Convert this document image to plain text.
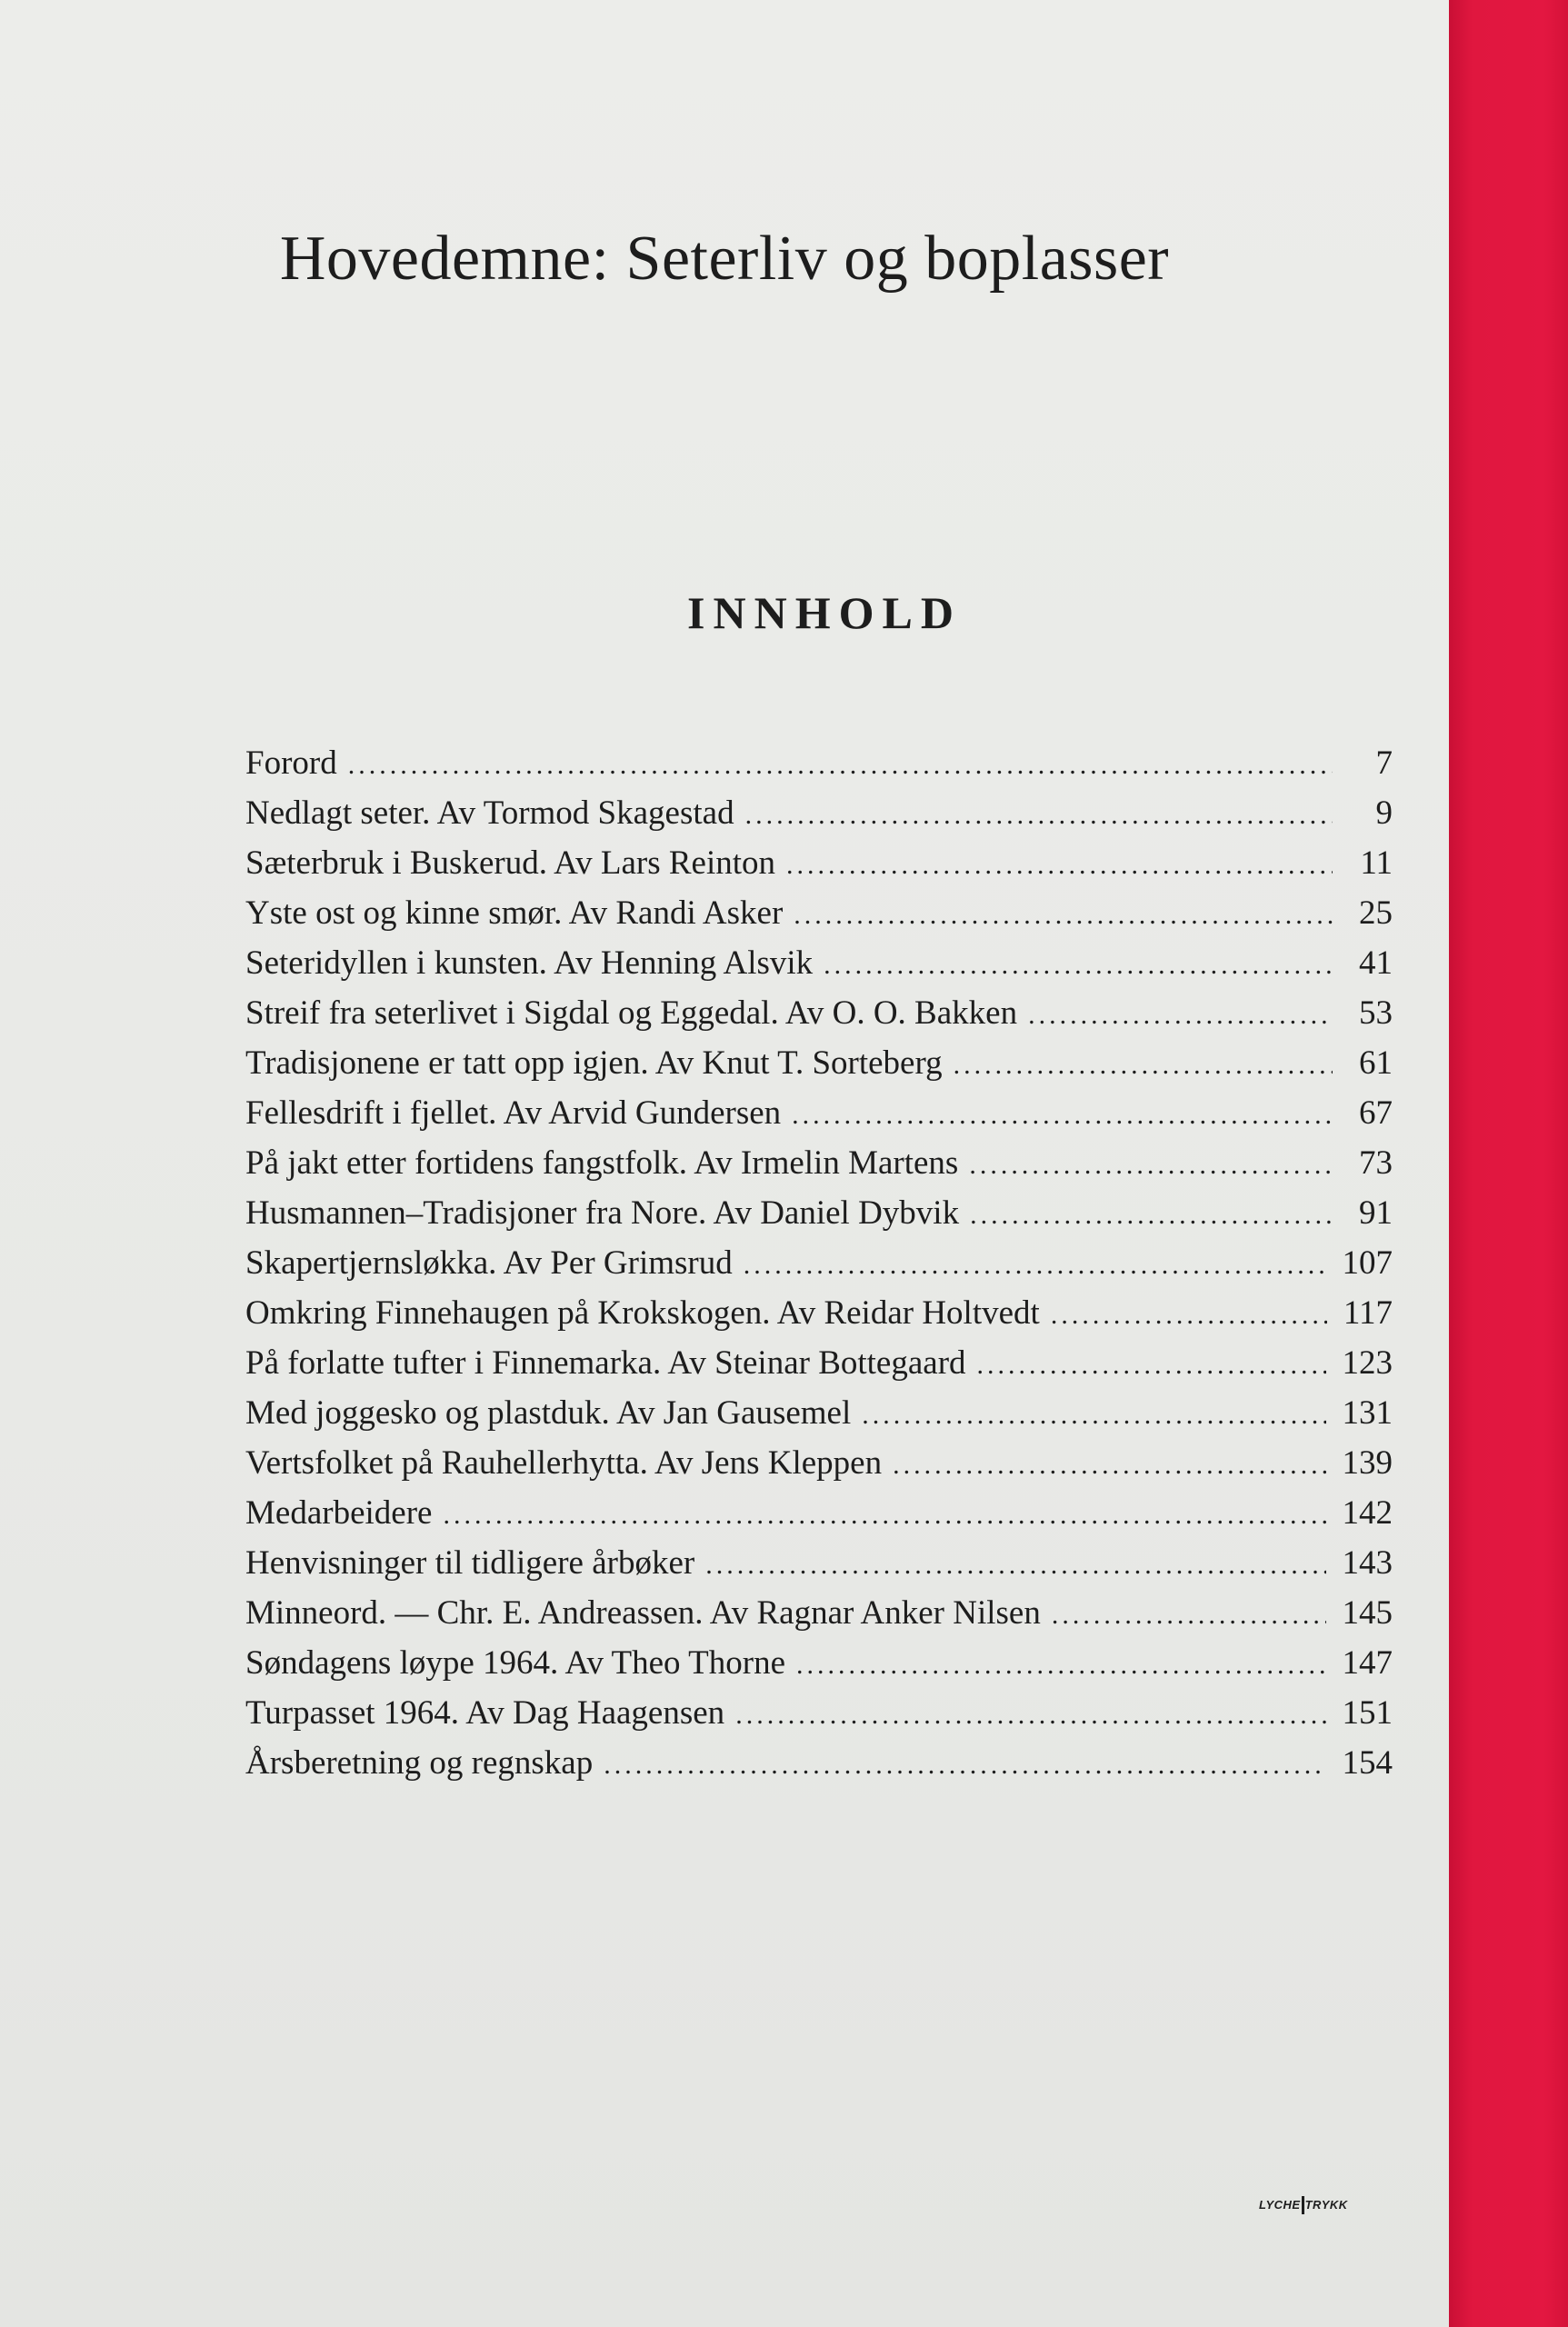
Hovedemne: Seterliv og boplasser
INNHOLD
Forord .....	7
Nedlagt seter. Av Tormod Skagestad .....	9
Sæterbruk i Buskerud. Av Lars Reinton .....	11
Yste ost og kinne smør. Av Randi Asker .....	25
Seteridyllen i kunsten. Av Henning Alsvik .....	41
Streif fra seterlivet i Sigdal og Eggedal. Av O. O. Bakken .....	53
Tradisjonene er tatt opp igjen. Av Knut T. Sorteberg .....	61
Fellesdrift i fjellet. Av Arvid Gundersen .....	67
På jakt etter fortidens fangstfolk. Av Irmelin Martens .....	73
Husmannen–Tradisjoner fra Nore. Av Daniel Dybvik .....	91
Skapertjernsløkka. Av Per Grimsrud .....	107
Omkring Finnehaugen på Krokskogen. Av Reidar Holtvedt .....	117
På forlatte tufter i Finnemarka. Av Steinar Bottegaard .....	123
Med joggesko og plastduk. Av Jan Gausemel .....	131
Vertsfolket på Rauhellerhytta. Av Jens Kleppen .....	139
Medarbeidere .....	142
Henvisninger til tidligere årbøker .....	143
Minneord. — Chr. E. Andreassen. Av Ragnar Anker Nilsen .....	145
Søndagens løype 1964. Av Theo Thorne .....	147
Turpasset 1964. Av Dag Haagensen .....	151
Årsberetning og regnskap .....	154
LYCHE TRYKK
